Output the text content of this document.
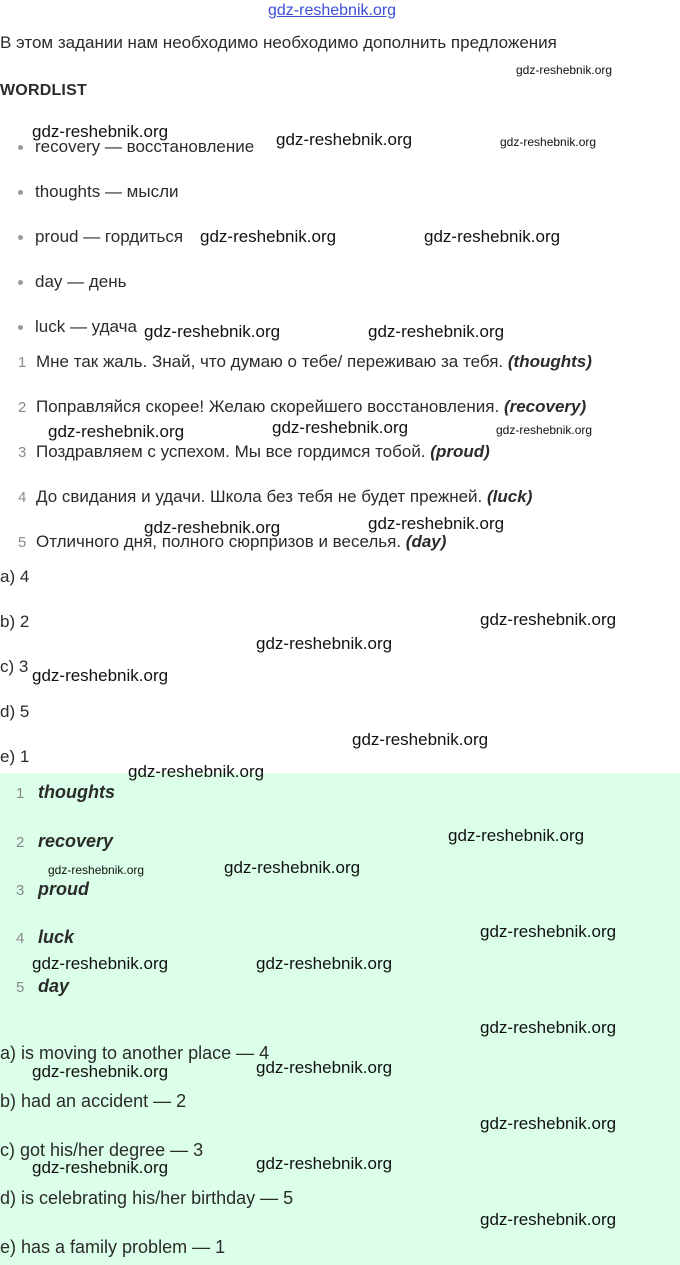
gdz-reshebnik.org
В этом задании нам необходимо необходимо дополнить предложения
WORDLIST
recovery — восстановление
thoughts — мысли
proud — гордиться
day — день
luck — удача
1 Мне так жаль. Знай, что думаю о тебе/ переживаю за тебя. (thoughts)
2 Поправляйся скорее! Желаю скорейшего восстановления. (recovery)
3 Поздравляем с успехом. Мы все гордимся тобой. (proud)
4 До свидания и удачи. Школа без тебя не будет прежней. (luck)
5 Отличного дня, полного сюрпризов и веселья. (day)
a) 4
b) 2
c) 3
d) 5
e) 1
1 thoughts
2 recovery
3 proud
4 luck
5 day
a) is moving to another place — 4
b) had an accident — 2
c) got his/her degree — 3
d) is celebrating his/her birthday — 5
e) has a family problem — 1
gdz-reshebnik.org
gdz-reshebnik.org	gdz-reshebnik.org	gdz-reshebnik.org
gdz-reshebnik.org	gdz-reshebnik.org
gdz-reshebnik.org	gdz-reshebnik.org
gdz-reshebnik.org	gdz-reshebnik.org	gdz-reshebnik.org
gdz-reshebnik.org	gdz-reshebnik.org
gdz-reshebnik.org
gdz-reshebnik.org
gdz-reshebnik.org
gdz-reshebnik.org
gdz-reshebnik.org
gdz-reshebnik.org
gdz-reshebnik.org	gdz-reshebnik.org
gdz-reshebnik.org
gdz-reshebnik.org	gdz-reshebnik.org
gdz-reshebnik.org
gdz-reshebnik.org
gdz-reshebnik.org
gdz-reshebnik.org
gdz-reshebnik.org
gdz-reshebnik.org
gdz-reshebnik.org
